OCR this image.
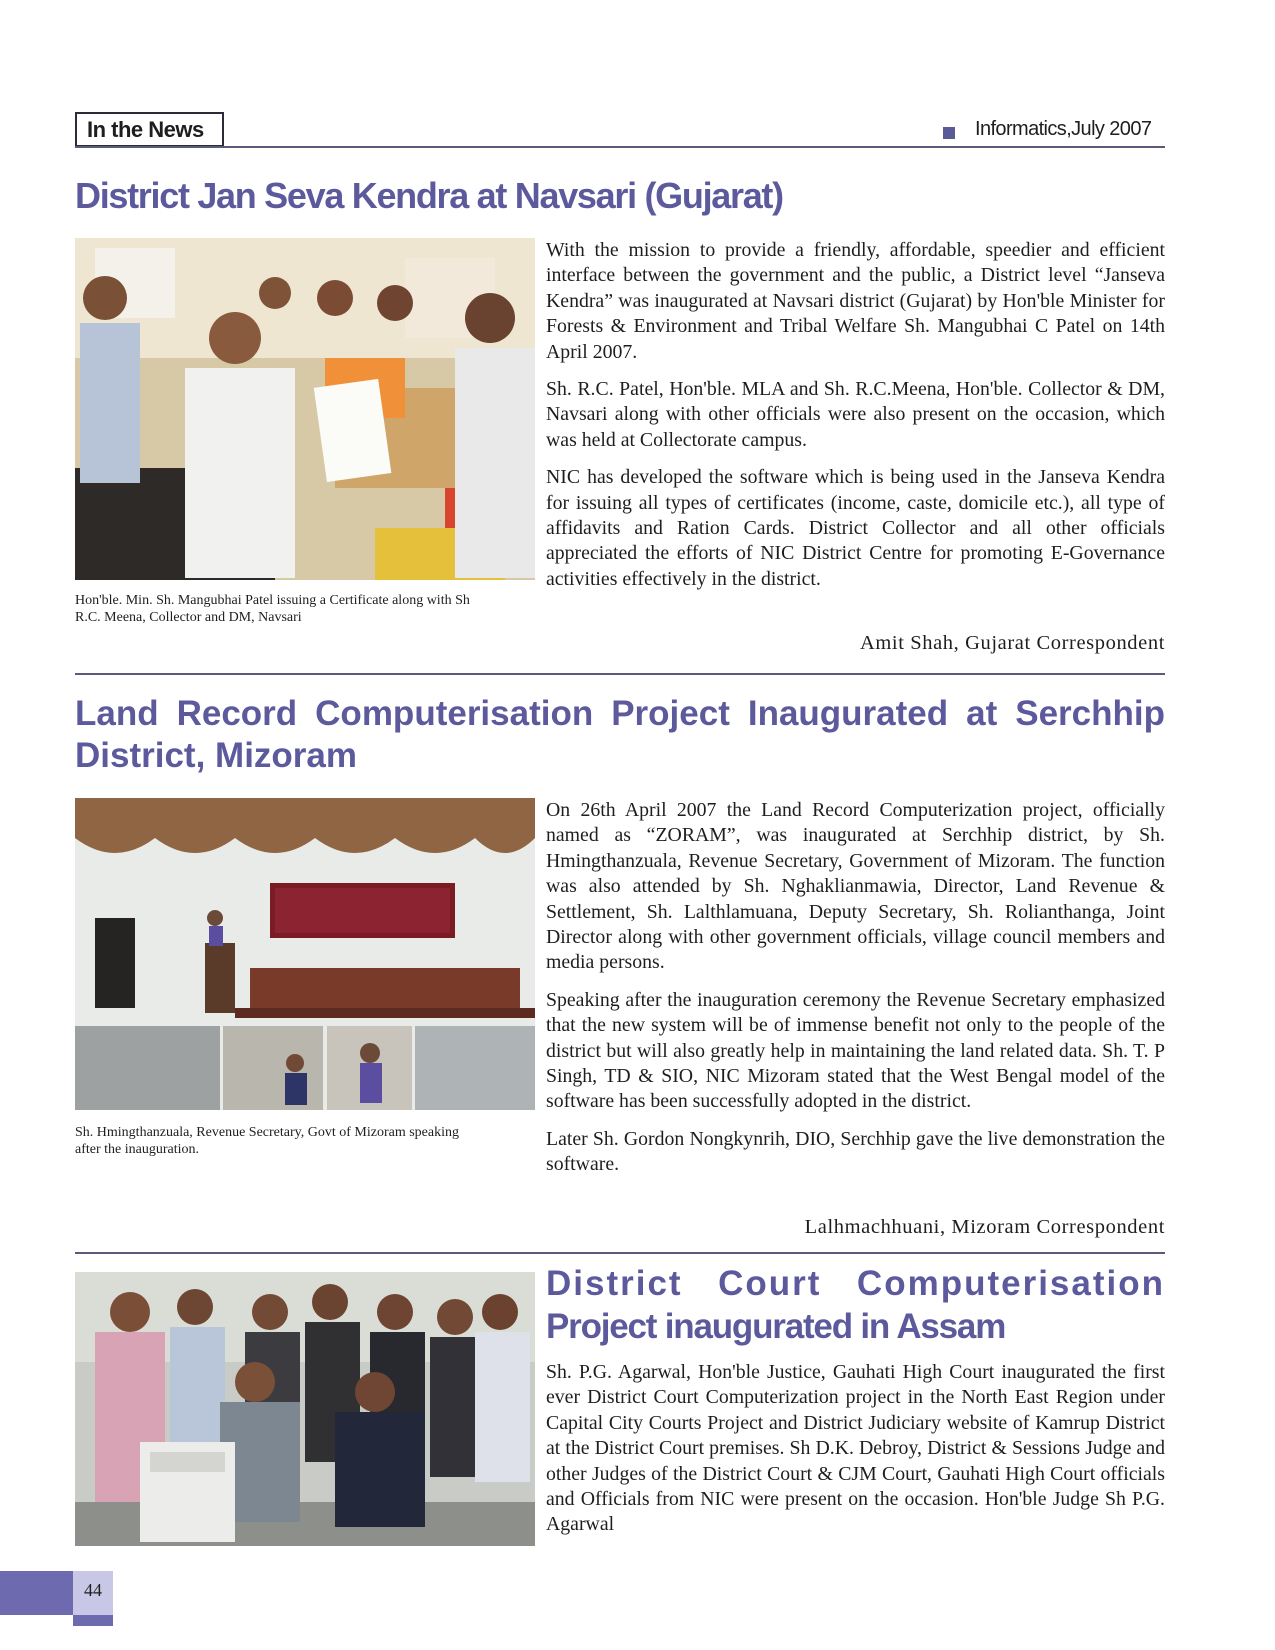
In the News	Informatics,July 2007
District Jan Seva Kendra at Navsari (Gujarat)
Hon'ble. Min. Sh. Mangubhai Patel issuing a Certificate along with Sh
R.C. Meena, Collector and DM, Navsari

With the mission to provide a friendly, affordable, speedier and efficient interface between the government and the public, a District level “Janseva Kendra” was inaugurated at Navsari district (Gujarat) by Hon'ble Minister for Forests & Environment and Tribal Welfare Sh. Mangubhai C Patel on 14th April 2007.

Sh. R.C. Patel, Hon'ble. MLA and Sh. R.C.Meena, Hon'ble. Collector & DM, Navsari along with other officials were also present on the occasion, which was held at Collectorate campus.

NIC has developed the software which is being used in the Janseva Kendra for issuing all types of certificates (income, caste, domicile etc.), all type of affidavits and Ration Cards. District Collector and all other officials appreciated the efforts of NIC District Centre for promoting E-Governance activities effectively in the district.

Amit Shah, Gujarat Correspondent
Land Record Computerisation Project Inaugurated at Serchhip District, Mizoram
Sh. Hmingthanzuala, Revenue Secretary, Govt of Mizoram speaking
after the inauguration.

On 26th April 2007 the Land Record Computerization project, officially named as “ZORAM”, was inaugurated at Serchhip district, by Sh. Hmingthanzuala, Revenue Secretary, Government of Mizoram. The function was also attended by Sh. Nghaklianmawia, Director, Land Revenue & Settlement, Sh. Lalthlamuana, Deputy Secretary, Sh. Rolianthanga, Joint Director along with other government officials, village council members and media persons.

Speaking after the inauguration ceremony the Revenue Secretary emphasized that the new system will be of immense benefit not only to the people of the district but will also greatly help in maintaining the land related data. Sh. T. P Singh, TD & SIO, NIC Mizoram stated that the West Bengal model of the software has been successfully adopted in the district.

Later Sh. Gordon Nongkynrih, DIO, Serchhip gave the live demonstration the software.

Lalhmachhuani, Mizoram Correspondent
District Court Computerisation
Project inaugurated in Assam

Sh. P.G. Agarwal, Hon'ble Justice, Gauhati High Court inaugurated the first ever District Court Computerization project in the North East Region under Capital City Courts Project and District Judiciary website of Kamrup District at the District Court premises. Sh D.K. Debroy, District & Sessions Judge and other Judges of the District Court & CJM Court, Gauhati High Court officials and Officials from NIC were present on the occasion. Hon'ble Judge Sh P.G. Agarwal

44
